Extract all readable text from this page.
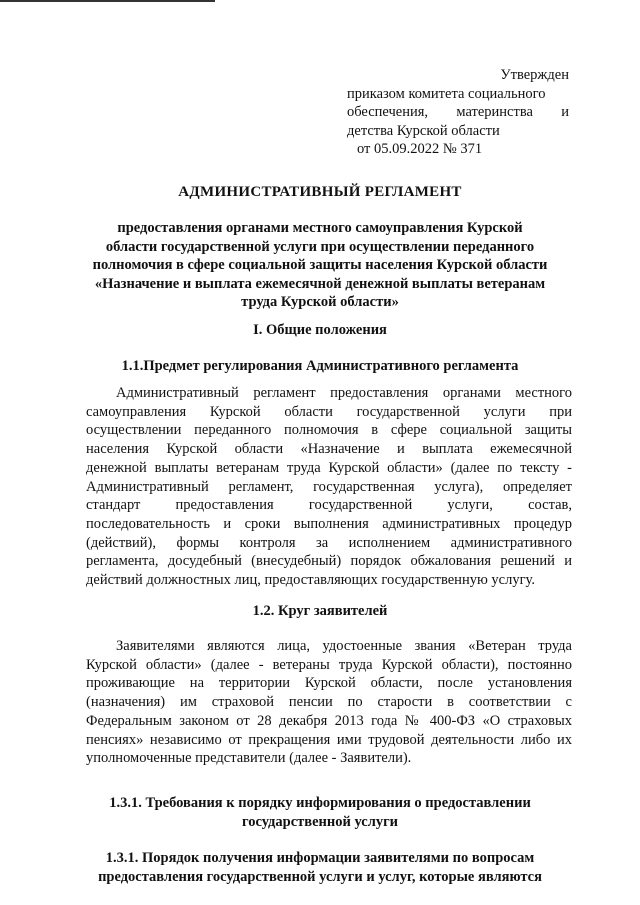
Утвержден
приказом комитета социального
обеспечения, материнства и
детства Курской области
от 05.09.2022 № 371
АДМИНИСТРАТИВНЫЙ РЕГЛАМЕНТ
предоставления органами местного самоуправления Курской
области государственной услуги при осуществлении переданного
полномочия в сфере социальной защиты населения Курской области
«Назначение и выплата ежемесячной денежной выплаты ветеранам
труда Курской области»
I. Общие положения
1.1.Предмет регулирования Административного регламента
Административный регламент предоставления органами местного
самоуправления Курской области государственной услуги при
осуществлении переданного полномочия в сфере социальной защиты
населения Курской области «Назначение и выплата ежемесячной
денежной выплаты ветеранам труда Курской области» (далее по тексту -
Административный регламент, государственная услуга), определяет
стандарт предоставления государственной услуги, состав,
последовательность и сроки выполнения административных процедур
(действий), формы контроля за исполнением административного
регламента, досудебный (внесудебный) порядок обжалования решений и
действий должностных лиц, предоставляющих государственную услугу.
1.2. Круг заявителей
Заявителями являются лица, удостоенные звания «Ветеран труда
Курской области» (далее - ветераны труда Курской области), постоянно
проживающие на территории Курской области, после установления
(назначения) им страховой пенсии по старости в соответствии с
Федеральным законом от 28 декабря 2013 года № 400-ФЗ «О страховых
пенсиях» независимо от прекращения ими трудовой деятельности либо их
уполномоченные представители (далее - Заявители).
1.3.1. Требования к порядку информирования о предоставлении
государственной услуги
1.3.1. Порядок получения информации заявителями по вопросам
предоставления государственной услуги и услуг, которые являются
